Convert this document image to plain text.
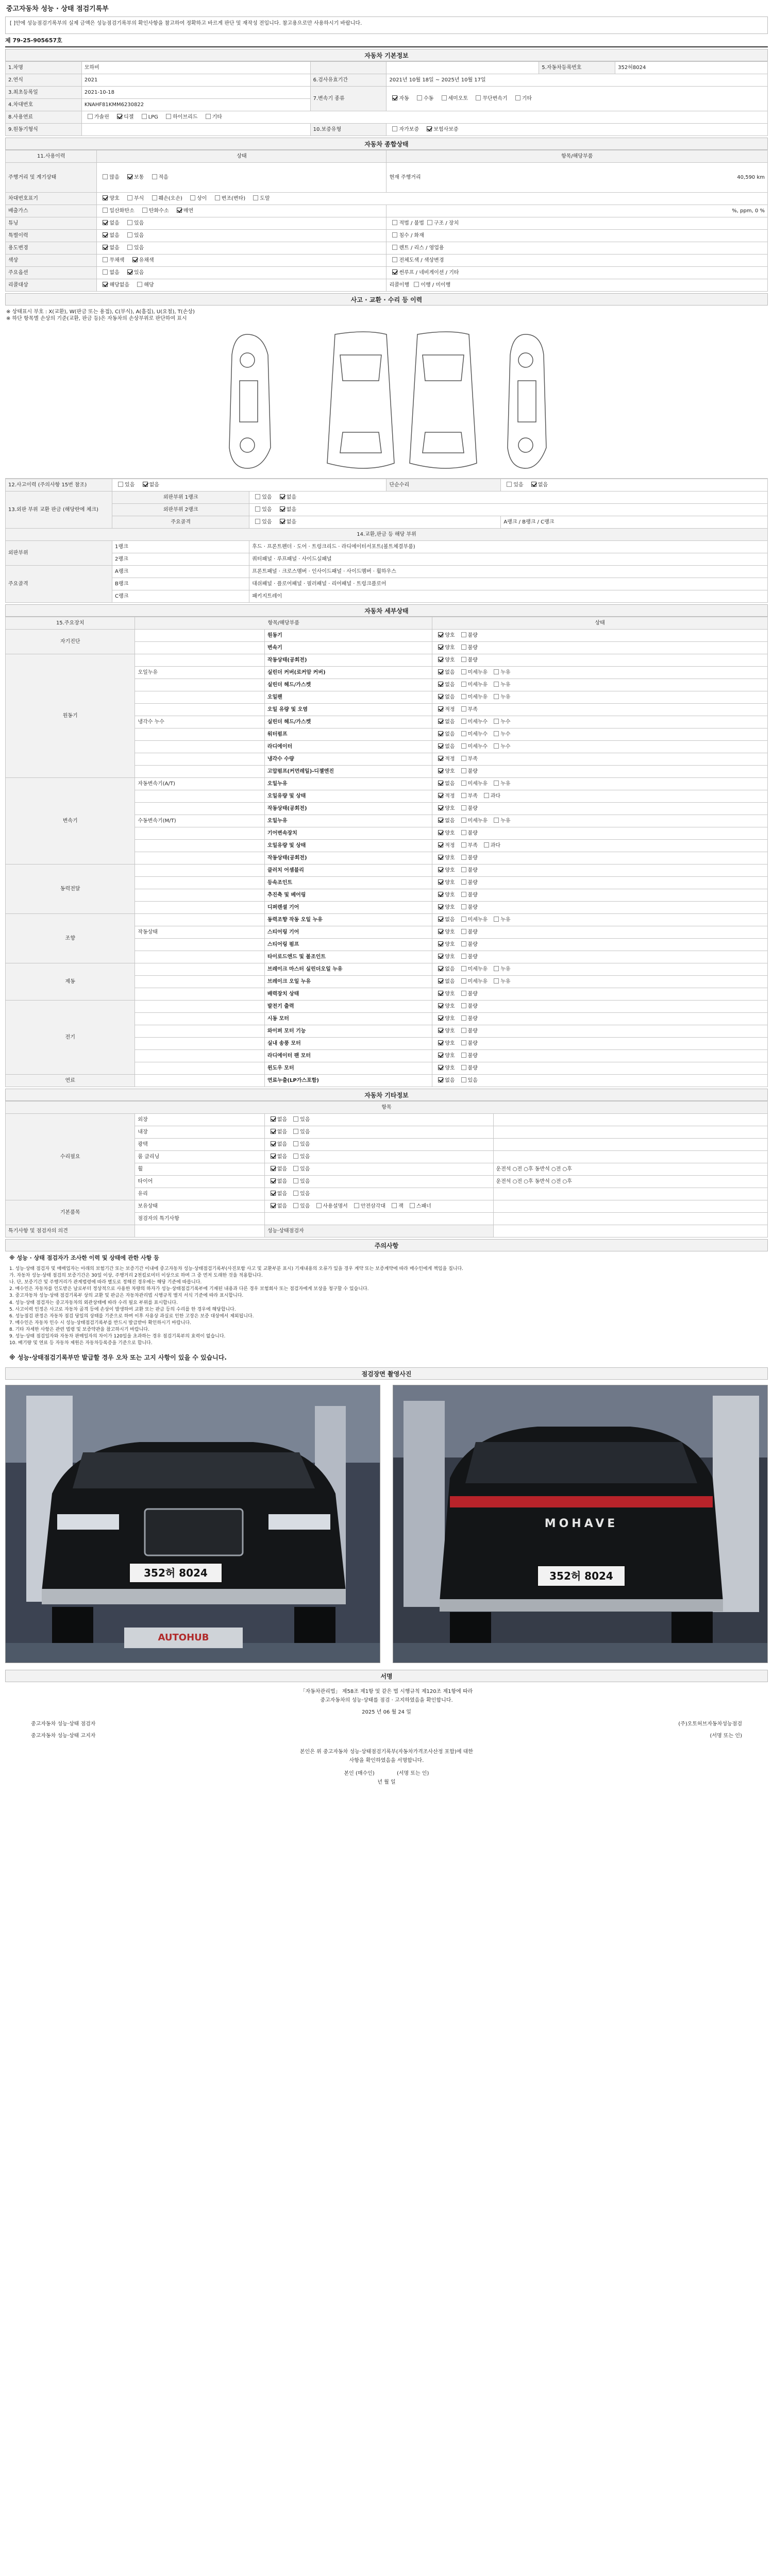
중고자동차 성능 · 상태 점검기록부
[ ]안에 성능점검기록부의 실제 금액은 성능점검기록부의 확인사항을 참고하여 정확하고 바르게 판단 및 재작성 전입니다. 참고용으로만 사용하시기 바랍니다.
제 79-25-905657호
자동차 기본정보
1.차명	모하비			5.자동차등록번호	352허8024
2.연식	2021	6.검사유효기간	2021년 10월 18일 ~ 2025년 10월 17일		
3.최초등록일	2021-10-18	7.변속기 종류	자동 수동 세미오토 무단변속기 기타		
4.차대번호	KNAHF81KMM6230822				
8.사용연료	가솔린 디젤 LPG 하이브리드 기타				
9.원동기형식		10.보증유형	자가보증 보험사보증		
자동차 종합상태
11.사용이력	상태	항목/해당부품
주행거리 및 계기상태	많음 보통 적음	현재 주행거리 40,590 km

차대번호표기	양호 부식 훼손(오손) 상이 변조(변타) 도말	
배출가스	일산화탄소 탄화수소 매연	%, ppm, 0 %
튜닝	없음 있음	적법 / 불법 구조 / 장치
특별이력	없음 있음	침수 / 화재
용도변경	없음 있음	렌트 / 리스 / 영업용
색상	무채색 유채색	전체도색 / 색상변경
주요옵션	없음 있음	썬루프 / 네비게이션 / 기타
리콜대상	해당없음 해당	리콜이행 이행 / 미이행
사고 · 교환 · 수리 등 이력
※ 상태표시 부호 : X(교환), W(판금 또는 용접), C(부식), A(흠집), U(요철), T(손상)
※ 하단 항목별 손상의 기준(교환, 판금 등)은 자동차의 손상부위로 판단하여 표시
12.사고이력 (주의사항 15번 참조)	있음 없음		단순수리	있음 없음
13.외판 부위 교환 판금 (해당란에 체크)	외판부위 1랭크	있음 없음		
	외판부위 2랭크	있음 없음		
	주요골격	있음 없음		A랭크 / B랭크 / C랭크
14.교환,판금 등 해당 부위				
외판부위	1랭크	후드 · 프론트펜더 · 도어 · 트렁크리드 · 라디에이터서포트(볼트체결부품)		
	2랭크	쿼터패널 · 루프패널 · 사이드실패널		
주요골격	A랭크	프론트패널 · 크로스멤버 · 인사이드패널 · 사이드멤버 · 휠하우스		
	B랭크	대쉬패널 · 플로어패널 · 필러패널 · 리어패널 · 트렁크플로어		
	C랭크	패키지트레이		
자동차 세부상태
15.주요장치	항목/해당부품		상태
자기진단		원동기	양호 불량
		변속기	양호 불량
원동기		작동상태(공회전)	양호 불량
	오일누유	실린더 커버(로커암 커버)	없음 미세누유 누유
		실린더 헤드/가스켓	없음 미세누유 누유
		오일팬	없음 미세누유 누유
		오일 유량 및 오염	적정 부족
	냉각수 누수	실린더 헤드/가스켓	없음 미세누수 누수
		워터펌프	없음 미세누수 누수
		라디에이터	없음 미세누수 누수
		냉각수 수량	적정 부족
		고압펌프(커먼레일)-디젤엔진	양호 불량
변속기	자동변속기(A/T)	오일누유	없음 미세누유 누유
		오일유량 및 상태	적정 부족 과다
		작동상태(공회전)	양호 불량
	수동변속기(M/T)	오일누유	없음 미세누유 누유
		기어변속장치	양호 불량
		오일유량 및 상태	적정 부족 과다
		작동상태(공회전)	양호 불량
동력전달		클러치 어셈블리	양호 불량
		등속조인트	양호 불량
		추진축 및 베어링	양호 불량
		디퍼렌셜 기어	양호 불량
조향		동력조향 작동 오일 누유	없음 미세누유 누유
	작동상태	스티어링 기어	양호 불량
		스티어링 펌프	양호 불량
		타이로드엔드 및 볼조인트	양호 불량
제동		브레이크 마스터 실린더오일 누유	없음 미세누유 누유
		브레이크 오일 누유	없음 미세누유 누유
		배력장치 상태	양호 불량
전기		발전기 출력	양호 불량
		시동 모터	양호 불량
		와이퍼 모터 기능	양호 불량
		실내 송풍 모터	양호 불량
		라디에이터 팬 모터	양호 불량
		윈도우 모터	양호 불량
연료		연료누출(LP가스포함)	없음 있음
자동차 기타정보
항목			
수리필요	외장	없음 있음	
	내장	없음 있음	
	광택	없음 있음	
	룸 클리닝	없음 있음	
	휠	없음 있음	운전석 ○전 ○후 동반석 ○전 ○후
	타이어	없음 있음	운전석 ○전 ○후 동반석 ○전 ○후
	유리	없음 있음	
기본품목	보유상태	없음 있음 사용설명서 안전삼각대 잭 스패너	
	점검자의 특기사항		
특기사항 및 점검자의 의견		성능·상태점검자	
주의사항
※ 성능 · 상태 점검자가 조사한 이력 및 상태에 관한 사항 등
1. 성능·상태 점검자 및 매매업자는 아래의 보험기간 또는 보증기간 이내에 중고자동차 성능·상태점검기록부(사진포함 사고 및 교환부분 표시) 기재내용의 오류가 있을 경우 계약 또는 보증계약에 따라 매수인에게 책임을 집니다.
가. 자동차 성능·상태 점검의 보증기간은 30일 이상, 주행거리 2천킬로미터 이상으로 하며 그 중 먼저 도래한 것을 적용합니다.
나. 단, 보증기간 및 주행거리가 관계법령에 따라 별도로 정해진 경우에는 해당 기준에 따릅니다.
2. 매수인은 자동차를 인도받은 날로부터 정상적으로 사용한 차량의 하자가 성능·상태점검기록부에 기재된 내용과 다른 경우 보험회사 또는 점검자에게 보상을 청구할 수 있습니다.
3. 중고자동차 성능·상태 점검기록부 상의 교환 및 판금은 자동차관리법 시행규칙 별지 서식 기준에 따라 표시합니다.
4. 성능·상태 점검자는 중고자동차의 외관상태에 따라 수리 필요 부위를 표시합니다.
5. 사고이력 인정은 사고로 자동차 골격 등에 손상이 발생하여 교환 또는 판금 등의 수리를 한 경우에 해당합니다.
6. 성능점검 판정은 자동차 점검 당일의 상태를 기준으로 하며 이후 사용상 과실로 인한 고장은 보증 대상에서 제외됩니다.
7. 매수인은 자동차 인수 시 성능·상태점검기록부를 반드시 발급받아 확인하시기 바랍니다.
8. 기타 자세한 사항은 관련 법령 및 보증약관을 참고하시기 바랍니다.
9. 성능·상태 점검일자와 자동차 판매일자의 차이가 120일을 초과하는 경우 점검기록부의 효력이 없습니다.
10. 배기량 및 연료 등 자동차 제원은 자동차등록증을 기준으로 합니다.
※ 성능·상태점검기록부만 발급할 경우 오차 또는 고지 사항이 있을 수 있습니다.
점검장면 촬영사진
352허 8024
AUTOHUB
MOHAVE
352허 8024
서명
「자동차관리법」 제58조 제1항 및 같은 법 시행규칙 제120조 제1항에 따라
중고자동차의 성능·상태를 점검 · 고지하였음을 확인합니다.
2025 년 06 월 24 일
중고자동차 성능·상태 점검자	(주)오토허브자동차성능점검
중고자동차 성능·상태 고지자	(서명 또는 인)
본인은 위 중고자동차 성능·상태점검기록부(자동차가격조사산정 포함)에 대한
사항을 확인하였음을 서명합니다.
본인 (매수인)	(서명 또는 인)
년 월 일
